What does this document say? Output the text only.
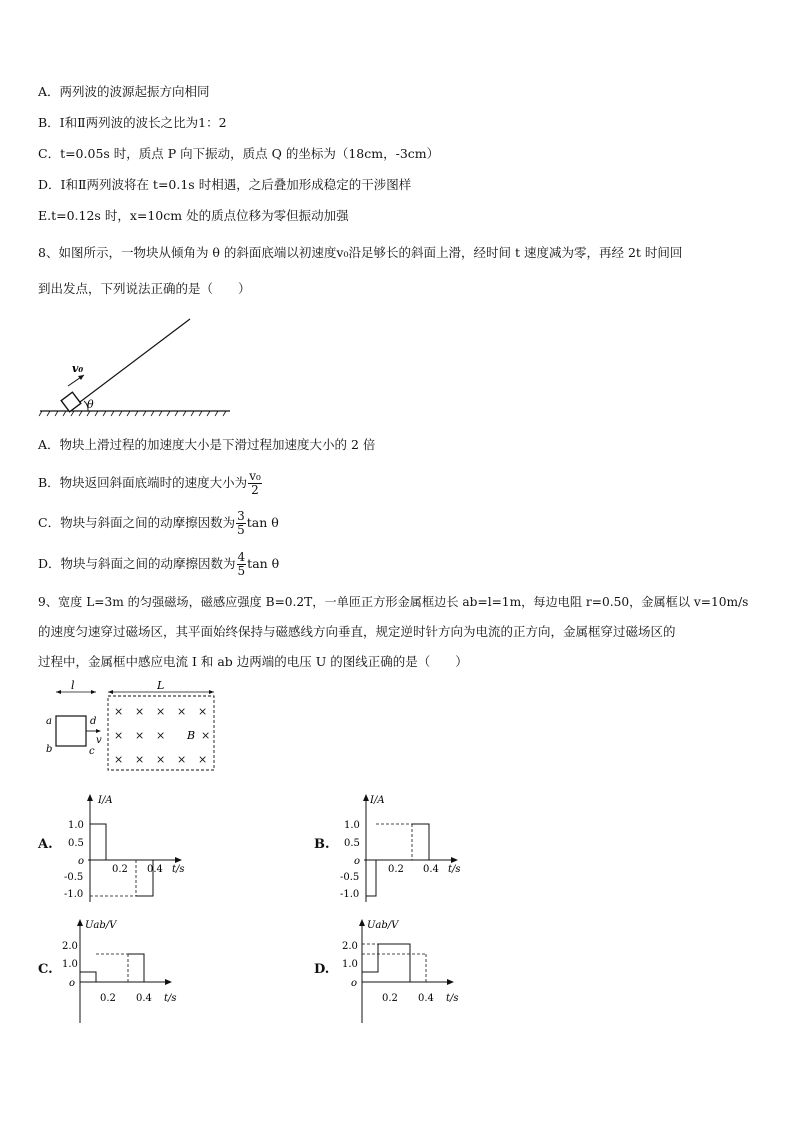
A．两列波的波源起振方向相同
B．Ⅰ和Ⅱ两列波的波长之比为1：2
C．t=0.05s 时，质点 P 向下振动，质点 Q 的坐标为（18cm，-3cm）
D．Ⅰ和Ⅱ两列波将在 t=0.1s 时相遇，之后叠加形成稳定的干涉图样
E.t=0.12s 时，x=10cm 处的质点位移为零但振动加强
8、如图所示，一物块从倾角为 θ 的斜面底端以初速度v₀沿足够长的斜面上滑，经时间 t 速度减为零，再经 2t 时间回
到出发点，下列说法正确的是（　　）
θ
v₀
A．物块上滑过程的加速度大小是下滑过程加速度大小的 2 倍
B．物块返回斜面底端时的速度大小为 $\frac{\text{v₀}}{2}$
C．物块与斜面之间的动摩擦因数为 $\frac{3}{5}$ tan θ
D．物块与斜面之间的动摩擦因数为 $\frac{4}{5}$ tan θ
9、宽度 L=3m 的匀强磁场，磁感应强度 B=0.2T，一单匝正方形金属框边长 ab=l=1m，每边电阻 r=0.50，金属框以 v=10m/s
的速度匀速穿过磁场区，其平面始终保持与磁感线方向垂直，规定逆时针方向为电流的正方向，金属框穿过磁场区的
过程中，金属框中感应电流 I 和 ab 边两端的电压 U 的图线正确的是（　　）
l	L
a
b	c
d
v
× × × × ×
× × ×	×
× × × × ×
B
A.
I/A
1.0
0.5
o
-0.5
-1.0
0.2 0.4 t/s
B.
I/A
1.0
0.5
o
-0.5
-1.0
0.2 0.4 t/s
C.
Uab/V
2.0
1.0
o
0.2 0.4 t/s
D.
Uab/V
2.0
1.0
o
0.2 0.4 t/s
